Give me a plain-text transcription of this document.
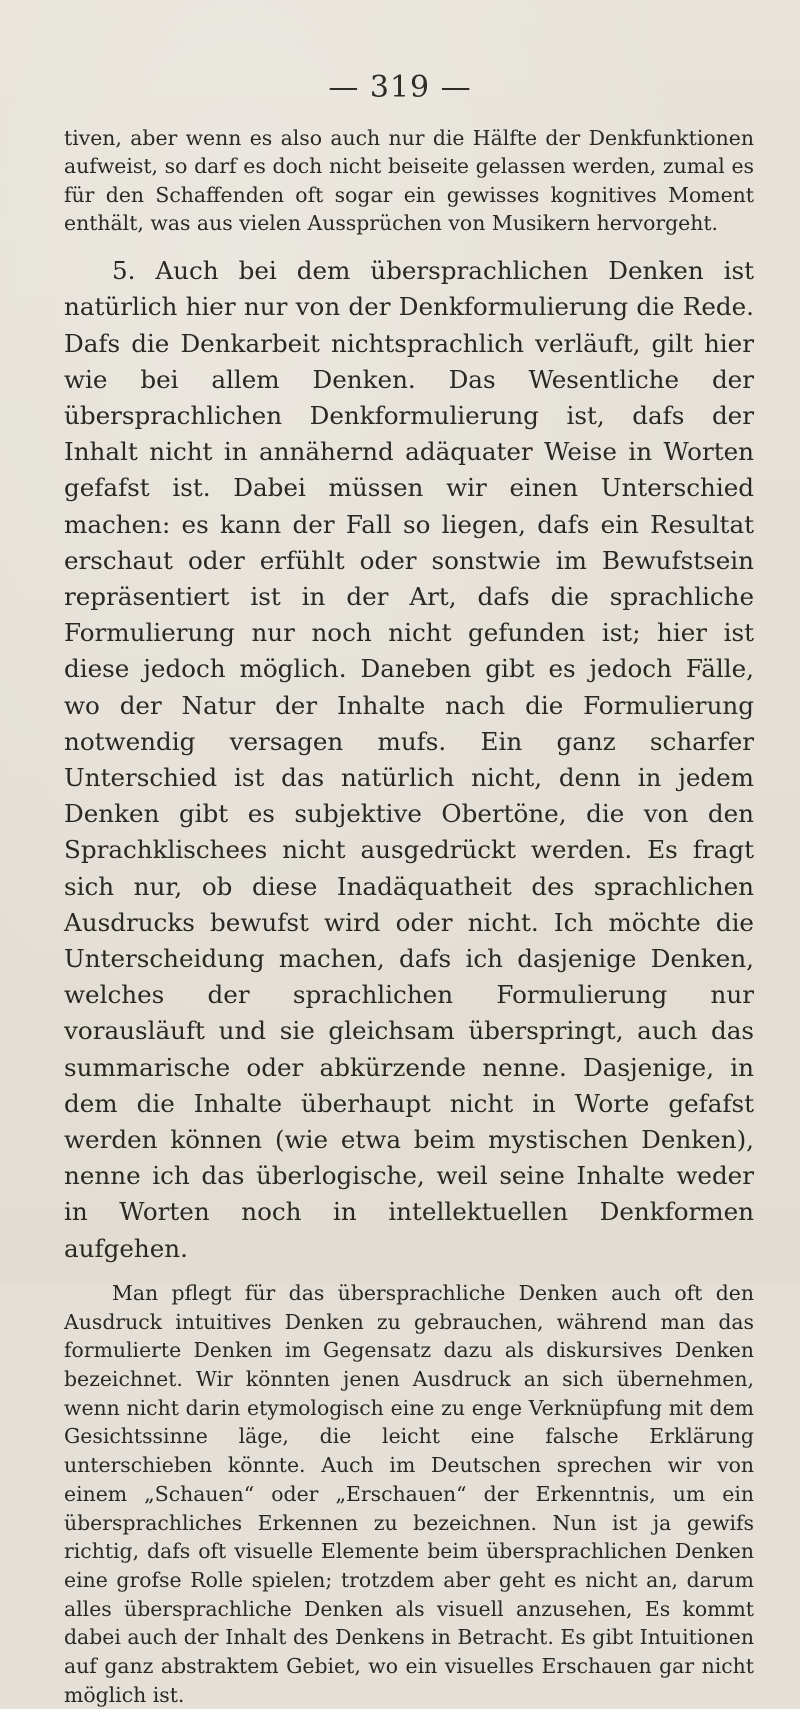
— 319 —

tiven, aber wenn es also auch nur die Hälfte der Denkfunktionen aufweist, so darf es doch nicht beiseite gelassen werden, zumal es für den Schaffenden oft sogar ein gewisses kognitives Moment enthält, was aus vielen Aussprüchen von Musikern hervorgeht.

5. Auch bei dem übersprachlichen Denken ist natürlich hier nur von der Denkformulierung die Rede. Dafs die Denkarbeit nichtsprachlich verläuft, gilt hier wie bei allem Denken. Das Wesentliche der übersprachlichen Denkformulierung ist, dafs der Inhalt nicht in annähernd adäquater Weise in Worten gefafst ist. Dabei müssen wir einen Unterschied machen: es kann der Fall so liegen, dafs ein Resultat erschaut oder erfühlt oder sonstwie im Bewufstsein repräsentiert ist in der Art, dafs die sprachliche Formulierung nur noch nicht gefunden ist; hier ist diese jedoch möglich. Daneben gibt es jedoch Fälle, wo der Natur der Inhalte nach die Formulierung notwendig versagen mufs. Ein ganz scharfer Unterschied ist das natürlich nicht, denn in jedem Denken gibt es subjektive Obertöne, die von den Sprachklischees nicht ausgedrückt werden. Es fragt sich nur, ob diese Inadäquatheit des sprachlichen Ausdrucks bewufst wird oder nicht. Ich möchte die Unterscheidung machen, dafs ich dasjenige Denken, welches der sprachlichen Formulierung nur vorausläuft und sie gleichsam überspringt, auch das summarische oder abkürzende nenne. Dasjenige, in dem die Inhalte überhaupt nicht in Worte gefafst werden können (wie etwa beim mystischen Denken), nenne ich das überlogische, weil seine Inhalte weder in Worten noch in intellektuellen Denkformen aufgehen.

Man pflegt für das übersprachliche Denken auch oft den Ausdruck intuitives Denken zu gebrauchen, während man das formulierte Denken im Gegensatz dazu als diskursives Denken bezeichnet. Wir könnten jenen Ausdruck an sich übernehmen, wenn nicht darin etymologisch eine zu enge Verknüpfung mit dem Gesichtssinne läge, die leicht eine falsche Erklärung unterschieben könnte. Auch im Deutschen sprechen wir von einem „Schauen“ oder „Erschauen“ der Erkenntnis, um ein übersprachliches Erkennen zu bezeichnen. Nun ist ja gewifs richtig, dafs oft visuelle Elemente beim übersprachlichen Denken eine grofse Rolle spielen; trotzdem aber geht es nicht an, darum alles übersprachliche Denken als visuell anzusehen, Es kommt dabei auch der Inhalt des Denkens in Betracht. Es gibt Intuitionen auf ganz abstraktem Gebiet, wo ein visuelles Erschauen gar nicht möglich ist.
